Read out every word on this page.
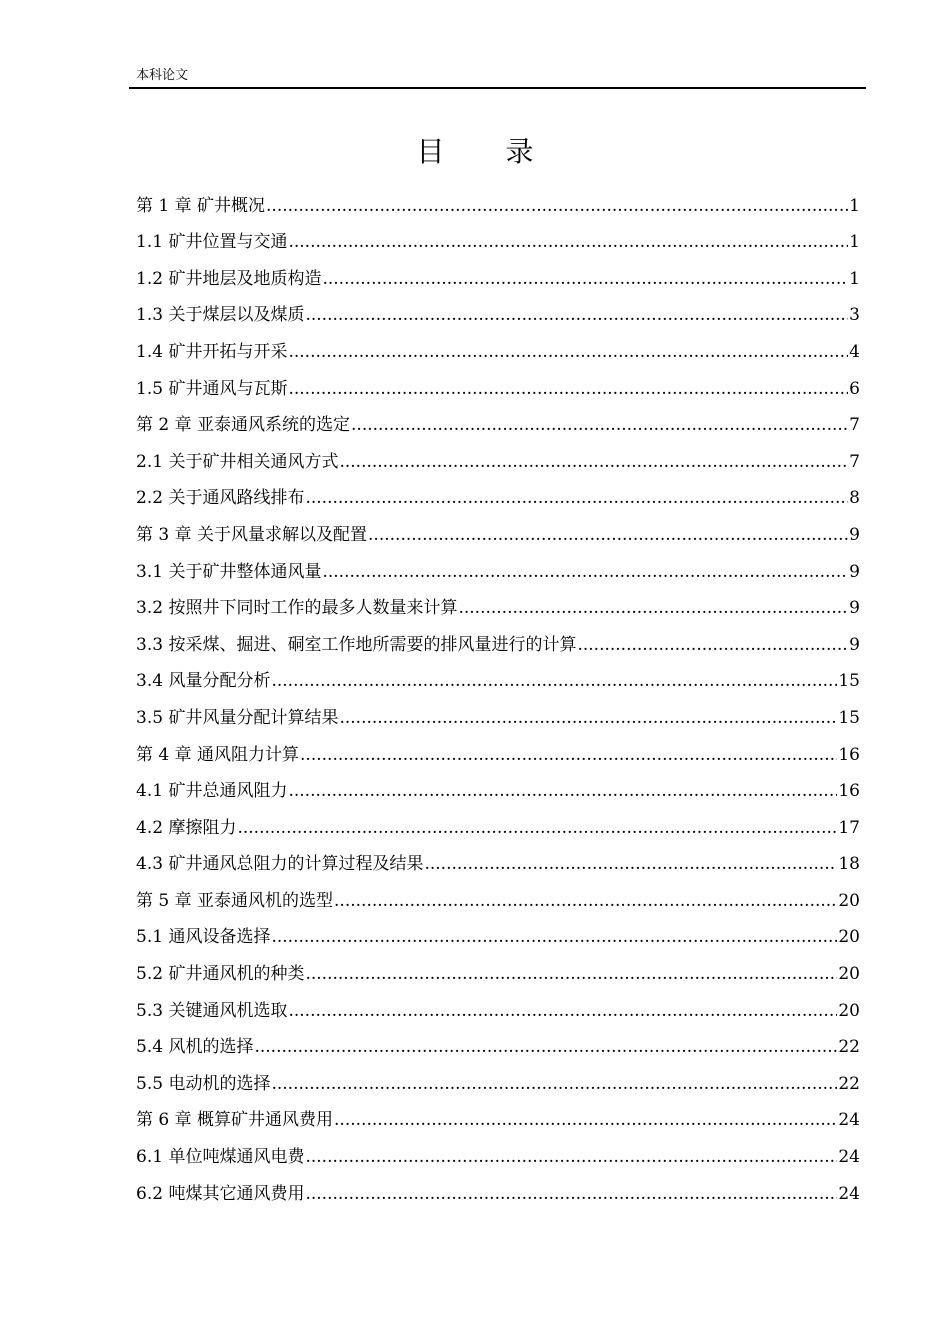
本科论文
目 录
第 1 章 矿井概况 .....	1
1.1 矿井位置与交通 .....	1
1.2 矿井地层及地质构造 .....	1
1.3 关于煤层以及煤质 .....	3
1.4 矿井开拓与开采 .....	4
1.5 矿井通风与瓦斯 .....	6
第 2 章 亚泰通风系统的选定 .....	7
2.1 关于矿井相关通风方式 .....	7
2.2 关于通风路线排布 .....	8
第 3 章 关于风量求解以及配置 .....	9
3.1 关于矿井整体通风量 .....	9
3.2 按照井下同时工作的最多人数量来计算 .....	9
3.3 按采煤、掘进、硐室工作地所需要的排风量进行的计算 .....	9
3.4 风量分配分析 .....	15
3.5 矿井风量分配计算结果 .....	15
第 4 章 通风阻力计算 .....	16
4.1 矿井总通风阻力 .....	16
4.2 摩擦阻力 .....	17
4.3 矿井通风总阻力的计算过程及结果 .....	18
第 5 章 亚泰通风机的选型 .....	20
5.1 通风设备选择 .....	20
5.2 矿井通风机的种类 .....	20
5.3 关键通风机选取 .....	20
5.4 风机的选择 .....	22
5.5 电动机的选择 .....	22
第 6 章 概算矿井通风费用 .....	24
6.1 单位吨煤通风电费 .....	24
6.2 吨煤其它通风费用 .....	24
